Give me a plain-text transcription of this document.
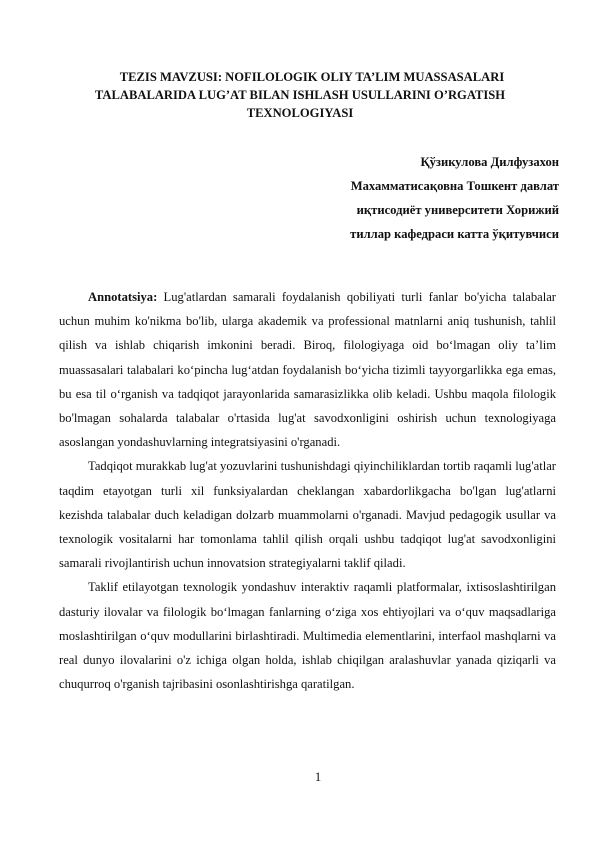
TEZIS MAVZUSI: NOFILOLOGIK OLIY TA’LIM MUASSASALARI
TALABALARIDA LUG’AT BILAN ISHLASH USULLARINI O’RGATISH
TEXNOLOGIYASI
Қўзикулова Дилфузахон
Махамматисақовна Тошкент давлат
иқтисодиёт университети Хорижий
тиллар кафедраси катта ўқитувчиси

Annotatsiya: Lug'atlardan samarali foydalanish qobiliyati turli fanlar bo'yicha talabalar uchun muhim ko'nikma bo'lib, ularga akademik va professional matnlarni aniq tushunish, tahlil qilish va ishlab chiqarish imkonini beradi. Biroq, filologiyaga oid bo‘lmagan oliy ta’lim muassasalari talabalari ko‘pincha lug‘atdan foydalanish bo‘yicha tizimli tayyorgarlikka ega emas, bu esa til o‘rganish va tadqiqot jarayonlarida samarasizlikka olib keladi. Ushbu maqola filologik bo'lmagan sohalarda talabalar o'rtasida lug'at savodxonligini oshirish uchun texnologiyaga asoslangan yondashuvlarning integratsiyasini o'rganadi.

Tadqiqot murakkab lug'at yozuvlarini tushunishdagi qiyinchiliklardan tortib raqamli lug'atlar taqdim etayotgan turli xil funksiyalardan cheklangan xabardorlikgacha bo'lgan lug'atlarni kezishda talabalar duch keladigan dolzarb muammolarni o'rganadi. Mavjud pedagogik usullar va texnologik vositalarni har tomonlama tahlil qilish orqali ushbu tadqiqot lug'at savodxonligini samarali rivojlantirish uchun innovatsion strategiyalarni taklif qiladi.

Taklif etilayotgan texnologik yondashuv interaktiv raqamli platformalar, ixtisoslashtirilgan dasturiy ilovalar va filologik bo‘lmagan fanlarning o‘ziga xos ehtiyojlari va o‘quv maqsadlariga moslashtirilgan o‘quv modullarini birlashtiradi. Multimedia elementlarini, interfaol mashqlarni va real dunyo ilovalarini o'z ichiga olgan holda, ishlab chiqilgan aralashuvlar yanada qiziqarli va chuqurroq o'rganish tajribasini osonlashtirishga qaratilgan.

1
